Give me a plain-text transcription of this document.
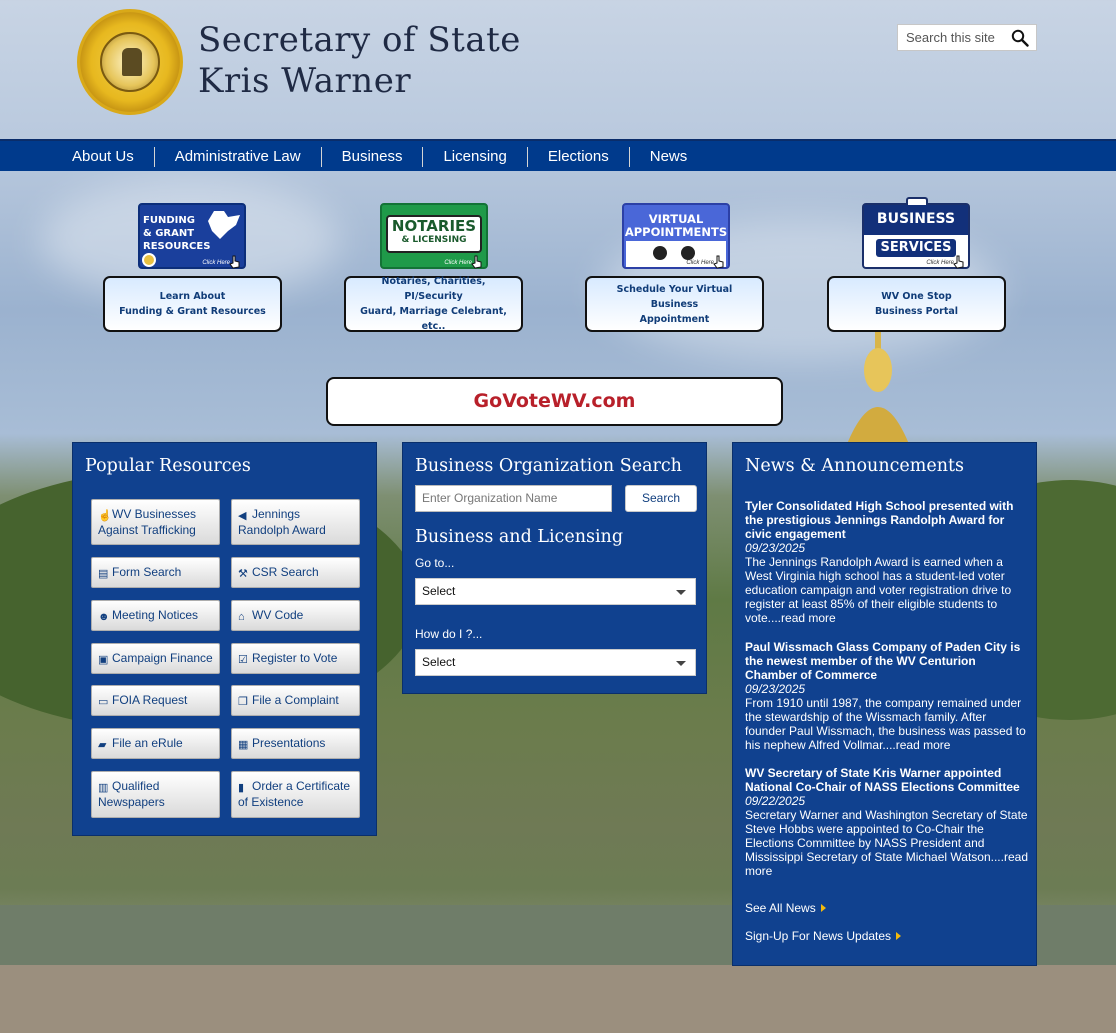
Secretary of State
Kris Warner
Search this site
About Us	Administrative Law	Business	Licensing	Elections	News
FUNDING
& GRANT
RESOURCES
Click Here
Learn About
Funding & Grant Resources
NOTARIES
& LICENSING
Click Here
Notaries, Charities, PI/Security
Guard, Marriage Celebrant, etc..
VIRTUAL
APPOINTMENTS
Click Here
Schedule Your Virtual Business
Appointment
BUSINESS
SERVICES
Click Here
WV One Stop
Business Portal
GoVoteWV.com
Popular Resources
☝WV Businesses Against Trafficking
◀ Jennings Randolph Award
▤ Form Search	⚒ CSR Search
☻ Meeting Notices	⌂ WV Code
▣ Campaign Finance	☑ Register to Vote
▭ FOIA Request	❐ File a Complaint
▰ File an eRule	▦ Presentations
▥ Qualified Newspapers
▮ Order a Certificate of Existence
Business Organization Search
Enter Organization Name	Search
Business and Licensing
Go to...
Select
How do I ?...
Select
News & Announcements
Tyler Consolidated High School presented with the prestigious Jennings Randolph Award for civic engagement
09/23/2025
The Jennings Randolph Award is earned when a West Virginia high school has a student-led voter education campaign and voter registration drive to register at least 85% of their eligible students to vote....read more
Paul Wissmach Glass Company of Paden City is the newest member of the WV Centurion Chamber of Commerce
09/23/2025
From 1910 until 1987, the company remained under the stewardship of the Wissmach family. After founder Paul Wissmach, the business was passed to his nephew Alfred Vollmar....read more
WV Secretary of State Kris Warner appointed National Co-Chair of NASS Elections Committee
09/22/2025
Secretary Warner and Washington Secretary of State Steve Hobbs were appointed to Co-Chair the Elections Committee by NASS President and Mississippi Secretary of State Michael Watson....read more
See All News
Sign-Up For News Updates
